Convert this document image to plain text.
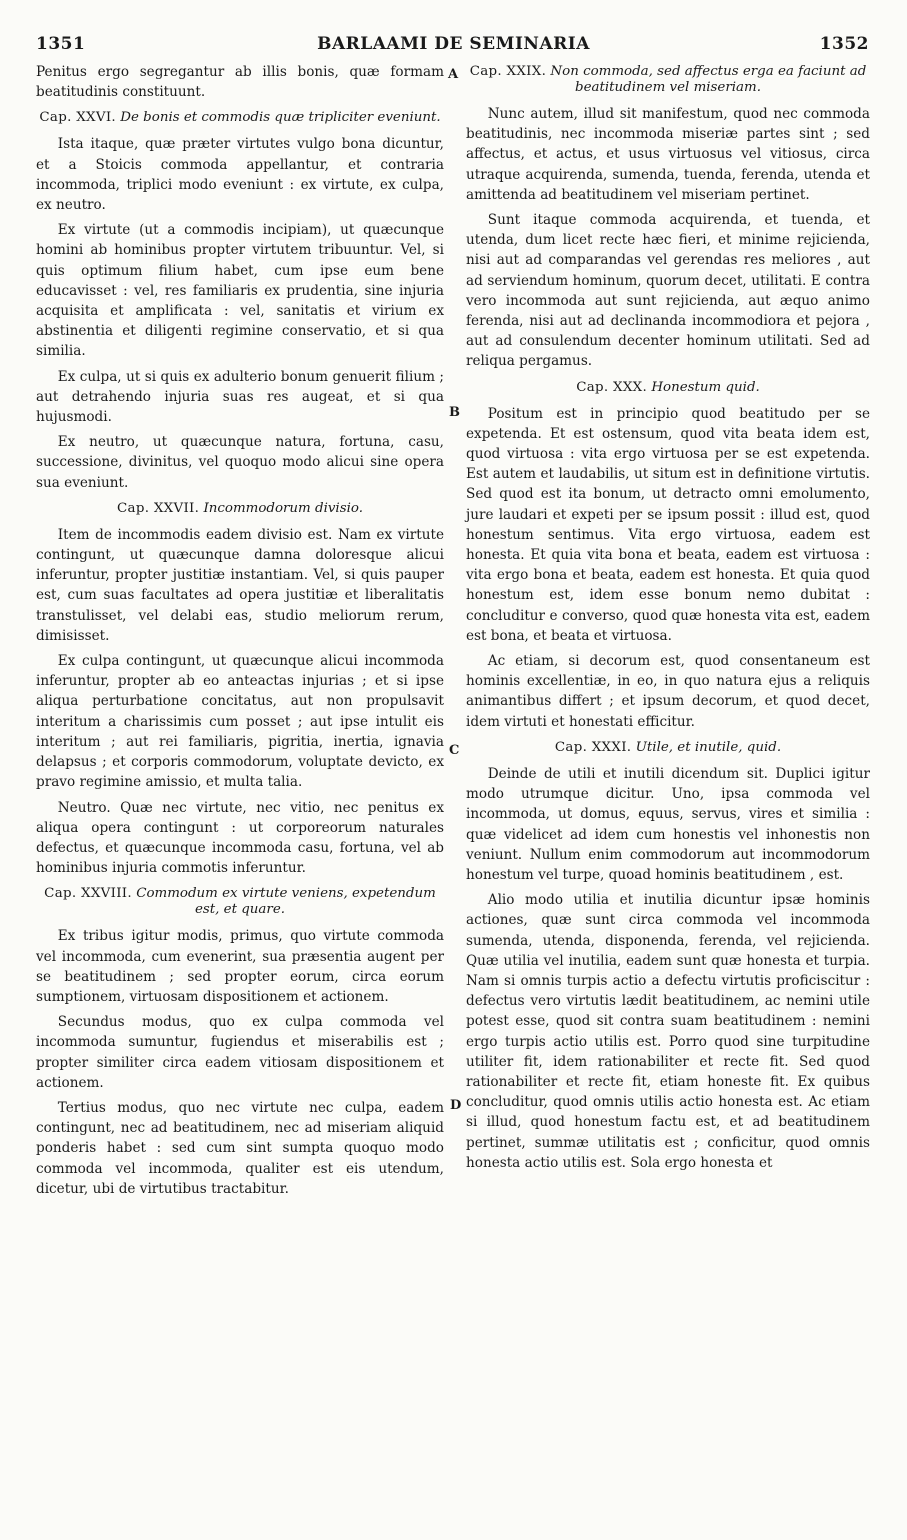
1351	BARLAAMI DE SEMINARIA	1352
A
B
C
D

Penitus ergo segregantur ab illis bonis, quæ formam beatitudinis constituunt.

Cap. XXVI. De bonis et commodis quæ tripliciter eveniunt.

Ista itaque, quæ præter virtutes vulgo bona dicuntur, et a Stoicis commoda appellantur, et contraria incommoda, triplici modo eveniunt : ex virtute, ex culpa, ex neutro.

Ex virtute (ut a commodis incipiam), ut quæcunque homini ab hominibus propter virtutem tribuuntur. Vel, si quis optimum filium habet, cum ipse eum bene educavisset : vel, res familiaris ex prudentia, sine injuria acquisita et amplificata : vel, sanitatis et virium ex abstinentia et diligenti regimine conservatio, et si qua similia.

Ex culpa, ut si quis ex adulterio bonum genuerit filium ; aut detrahendo injuria suas res augeat, et si qua hujusmodi.

Ex neutro, ut quæcunque natura, fortuna, casu, successione, divinitus, vel quoquo modo alicui sine opera sua eveniunt.

Cap. XXVII. Incommodorum divisio.

Item de incommodis eadem divisio est. Nam ex virtute contingunt, ut quæcunque damna doloresque alicui inferuntur, propter justitiæ instantiam. Vel, si quis pauper est, cum suas facultates ad opera justitiæ et liberalitatis transtulisset, vel delabi eas, studio meliorum rerum, dimisisset.

Ex culpa contingunt, ut quæcunque alicui incommoda inferuntur, propter ab eo anteactas injurias ; et si ipse aliqua perturbatione concitatus, aut non propulsavit interitum a charissimis cum posset ; aut ipse intulit eis interitum ; aut rei familiaris, pigritia, inertia, ignavia delapsus ; et corporis commodorum, voluptate devicto, ex pravo regimine amissio, et multa talia.

Neutro. Quæ nec virtute, nec vitio, nec penitus ex aliqua opera contingunt : ut corporeorum naturales defectus, et quæcunque incommoda casu, fortuna, vel ab hominibus injuria commotis inferuntur.

Cap. XXVIII. Commodum ex virtute veniens, expetendum est, et quare.

Ex tribus igitur modis, primus, quo virtute commoda vel incommoda, cum evenerint, sua præsentia augent per se beatitudinem ; sed propter eorum, circa eorum sumptionem, virtuosam dispositionem et actionem.

Secundus modus, quo ex culpa commoda vel incommoda sumuntur, fugiendus et miserabilis est ; propter similiter circa eadem vitiosam dispositionem et actionem.

Tertius modus, quo nec virtute nec culpa, eadem contingunt, nec ad beatitudinem, nec ad miseriam aliquid ponderis habet : sed cum sint sumpta quoquo modo commoda vel incommoda, qualiter est eis utendum, dicetur, ubi de virtutibus tractabitur.

Cap. XXIX. Non commoda, sed affectus erga ea faciunt ad beatitudinem vel miseriam.

Nunc autem, illud sit manifestum, quod nec commoda beatitudinis, nec incommoda miseriæ partes sint ; sed affectus, et actus, et usus virtuosus vel vitiosus, circa utraque acquirenda, sumenda, tuenda, ferenda, utenda et amittenda ad beatitudinem vel miseriam pertinet.

Sunt itaque commoda acquirenda, et tuenda, et utenda, dum licet recte hæc fieri, et minime rejicienda, nisi aut ad comparandas vel gerendas res meliores , aut ad serviendum hominum, quorum decet, utilitati. E contra vero incommoda aut sunt rejicienda, aut æquo animo ferenda, nisi aut ad declinanda incommodiora et pejora , aut ad consulendum decenter hominum utilitati. Sed ad reliqua pergamus.

Cap. XXX. Honestum quid.

Positum est in principio quod beatitudo per se expetenda. Et est ostensum, quod vita beata idem est, quod virtuosa : vita ergo virtuosa per se est expetenda. Est autem et laudabilis, ut situm est in definitione virtutis. Sed quod est ita bonum, ut detracto omni emolumento, jure laudari et expeti per se ipsum possit : illud est, quod honestum sentimus. Vita ergo virtuosa, eadem est honesta. Et quia vita bona et beata, eadem est virtuosa : vita ergo bona et beata, eadem est honesta. Et quia quod honestum est, idem esse bonum nemo dubitat : concluditur e converso, quod quæ honesta vita est, eadem est bona, et beata et virtuosa.

Ac etiam, si decorum est, quod consentaneum est hominis excellentiæ, in eo, in quo natura ejus a reliquis animantibus differt ; et ipsum decorum, et quod decet, idem virtuti et honestati efficitur.

Cap. XXXI. Utile, et inutile, quid.

Deinde de utili et inutili dicendum sit. Duplici igitur modo utrumque dicitur. Uno, ipsa commoda vel incommoda, ut domus, equus, servus, vires et similia : quæ videlicet ad idem cum honestis vel inhonestis non veniunt. Nullum enim commodorum aut incommodorum honestum vel turpe, quoad hominis beatitudinem , est.

Alio modo utilia et inutilia dicuntur ipsæ hominis actiones, quæ sunt circa commoda vel incommoda sumenda, utenda, disponenda, ferenda, vel rejicienda. Quæ utilia vel inutilia, eadem sunt quæ honesta et turpia. Nam si omnis turpis actio a defectu virtutis proficiscitur : defectus vero virtutis lædit beatitudinem, ac nemini utile potest esse, quod sit contra suam beatitudinem : nemini ergo turpis actio utilis est. Porro quod sine turpitudine utiliter fit, idem rationabiliter et recte fit. Sed quod rationabiliter et recte fit, etiam honeste fit. Ex quibus concluditur, quod omnis utilis actio honesta est. Ac etiam si illud, quod honestum factu est, et ad beatitudinem pertinet, summæ utilitatis est ; conficitur, quod omnis honesta actio utilis est. Sola ergo honesta et
